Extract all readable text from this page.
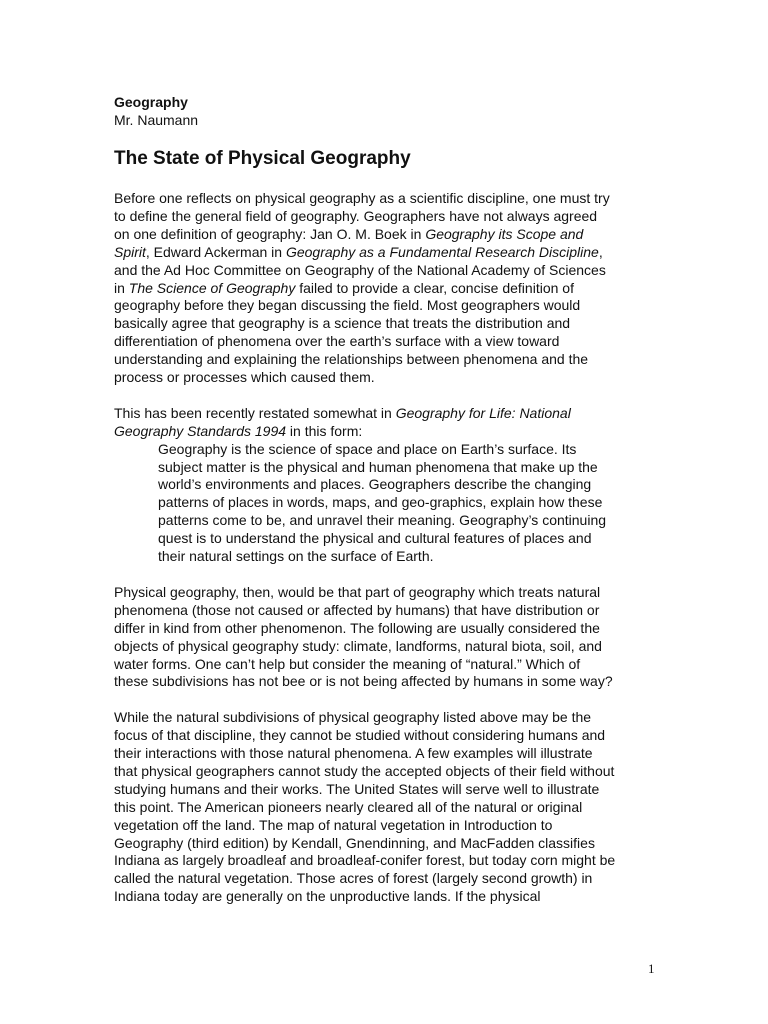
Geography

Mr. Naumann

The State of Physical Geography

Before one reflects on physical geography as a scientific discipline, one must try
to define the general field of geography. Geographers have not always agreed
on one definition of geography: Jan O. M. Boek in Geography its Scope and
Spirit, Edward Ackerman in Geography as a Fundamental Research Discipline,
and the Ad Hoc Committee on Geography of the National Academy of Sciences
in The Science of Geography failed to provide a clear, concise definition of
geography before they began discussing the field. Most geographers would
basically agree that geography is a science that treats the distribution and
differentiation of phenomena over the earth’s surface with a view toward
understanding and explaining the relationships between phenomena and the
process or processes which caused them.

This has been recently restated somewhat in Geography for Life: National
Geography Standards 1994 in this form:

Geography is the science of space and place on Earth’s surface. Its
subject matter is the physical and human phenomena that make up the
world’s environments and places. Geographers describe the changing
patterns of places in words, maps, and geo-graphics, explain how these
patterns come to be, and unravel their meaning. Geography’s continuing
quest is to understand the physical and cultural features of places and
their natural settings on the surface of Earth.

Physical geography, then, would be that part of geography which treats natural
phenomena (those not caused or affected by humans) that have distribution or
differ in kind from other phenomenon. The following are usually considered the
objects of physical geography study: climate, landforms, natural biota, soil, and
water forms. One can’t help but consider the meaning of “natural.” Which of
these subdivisions has not bee or is not being affected by humans in some way?

While the natural subdivisions of physical geography listed above may be the
focus of that discipline, they cannot be studied without considering humans and
their interactions with those natural phenomena. A few examples will illustrate
that physical geographers cannot study the accepted objects of their field without
studying humans and their works. The United States will serve well to illustrate
this point. The American pioneers nearly cleared all of the natural or original
vegetation off the land. The map of natural vegetation in Introduction to
Geography (third edition) by Kendall, Gnendinning, and MacFadden classifies
Indiana as largely broadleaf and broadleaf-conifer forest, but today corn might be
called the natural vegetation. Those acres of forest (largely second growth) in
Indiana today are generally on the unproductive lands. If the physical

1
